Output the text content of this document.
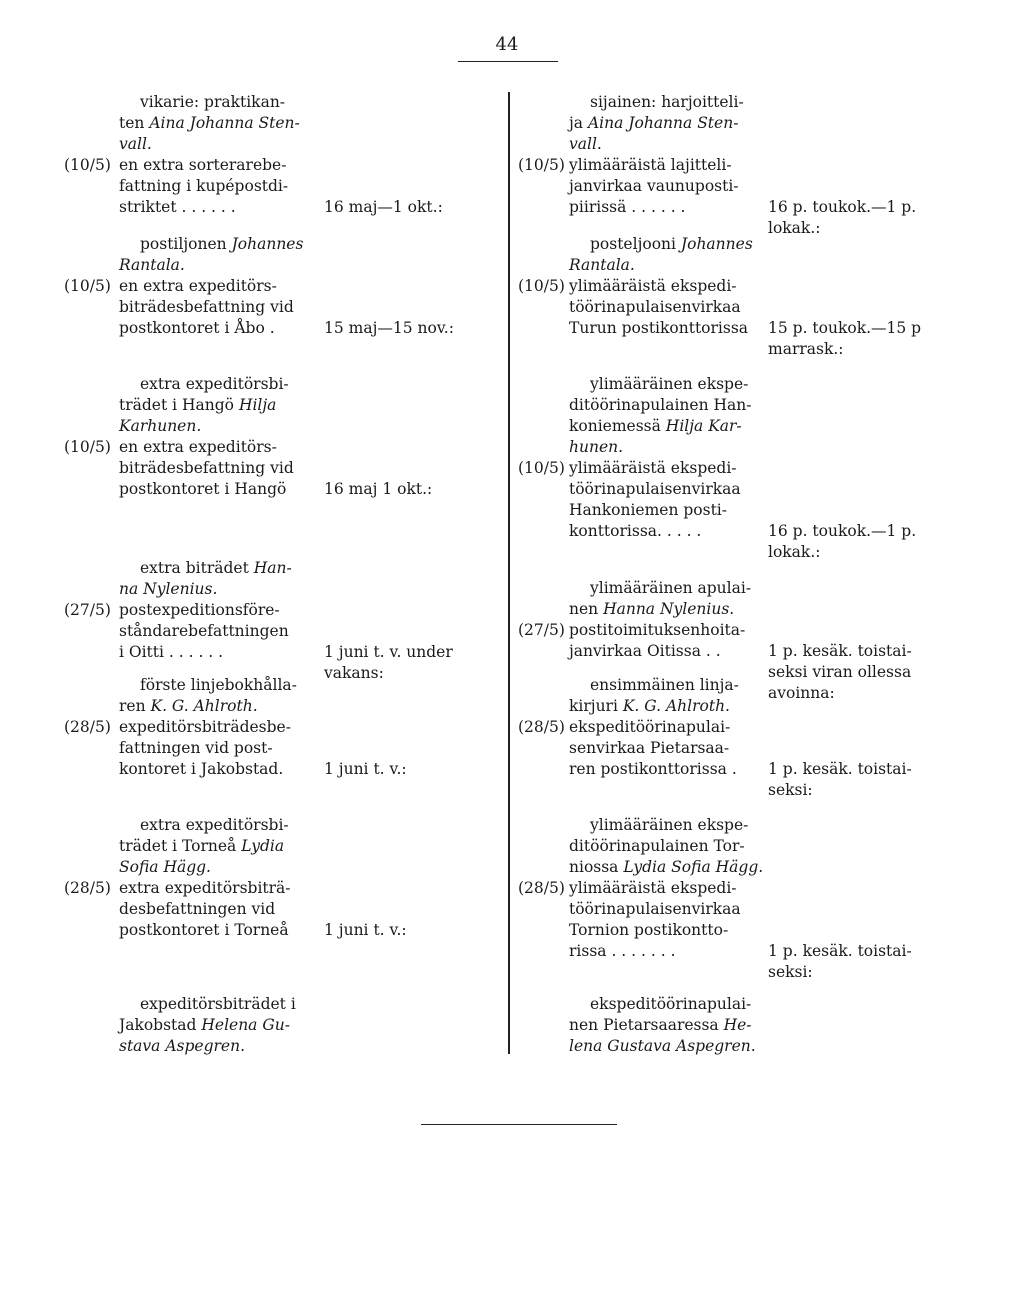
44
vikarie: praktikan-
ten Aina Johanna Sten-
vall.
(10/5) en extra sorterarebe-
fattning i kupépostdi-
striktet . . . . . .	16 maj—1 okt.:
postiljonen Johannes
Rantala.
(10/5) en extra expeditörs-
biträdesbefattning vid
postkontoret i Åbo .	15 maj—15 nov.:
extra expeditörsbi-
trädet i Hangö Hilja
Karhunen.
(10/5) en extra expeditörs-
biträdesbefattning vid
postkontoret i Hangö	16 maj 1 okt.:
extra biträdet Han-
na Nylenius.
(27/5) postexpeditionsföre-
ståndarebefattningen
i Oitti . . . . . .	1 juni t. v. under
vakans:
förste linjebokhålla-
ren K. G. Ahlroth.
(28/5) expeditörsbiträdesbe-
fattningen vid post-
kontoret i Jakobstad.	1 juni t. v.:
extra expeditörsbi-
trädet i Torneå Lydia
Sofia Hägg.
(28/5) extra expeditörsbiträ-
desbefattningen vid
postkontoret i Torneå	1 juni t. v.:
expeditörsbiträdet i
Jakobstad Helena Gu-
stava Aspegren.
sijainen: harjoitteli-
ja Aina Johanna Sten-
vall.
(10/5) ylimääräistä lajitteli-
janvirkaa vaunuposti-
piirissä . . . . . .	16 p. toukok.—1 p.
lokak.:
posteljooni Johannes
Rantala.
(10/5) ylimääräistä ekspedi-
töörinapulaisenvirkaa
Turun postikonttorissa	15 p. toukok.—15 p
marrask.:
ylimääräinen ekspe-
ditöörinapulainen Han-
koniemessä Hilja Kar-
hunen.
(10/5) ylimääräistä ekspedi-
töörinapulaisenvirkaa
Hankoniemen posti-
konttorissa. . . . .	16 p. toukok.—1 p.
lokak.:
ylimääräinen apulai-
nen Hanna Nylenius.
(27/5) postitoimituksenhoita-
janvirkaa Oitissa . .	1 p. kesäk. toistai-
seksi viran ollessa
avoinna:
ensimmäinen linja-
kirjuri K. G. Ahlroth.
(28/5) ekspeditöörinapulai-
senvirkaa Pietarsaa-
ren postikonttorissa .	1 p. kesäk. toistai-
seksi:
ylimääräinen ekspe-
ditöörinapulainen Tor-
niossa Lydia Sofia Hägg.
(28/5) ylimääräistä ekspedi-
töörinapulaisenvirkaa
Tornion postikontto-
rissa . . . . . . .	1 p. kesäk. toistai-
seksi:
ekspeditöörinapulai-
nen Pietarsaaressa He-
lena Gustava Aspegren.
